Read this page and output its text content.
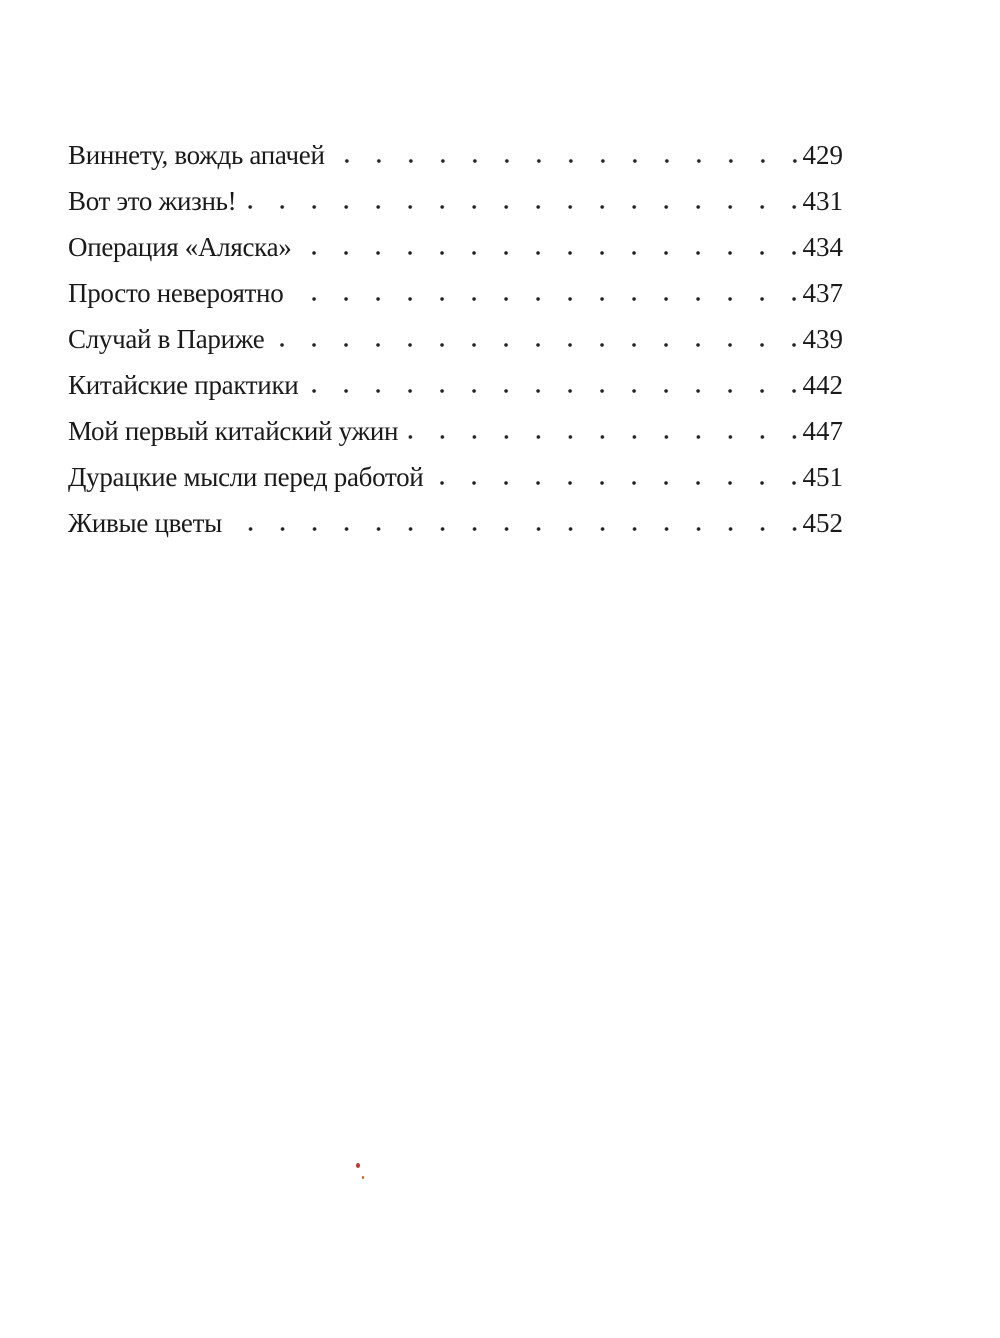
Виннету, вождь апачей	429
Вот это жизнь!	431
Операция «Аляска»	434
Просто невероятно	437
Случай в Париже	439
Китайские практики	442
Мой первый китайский ужин	447
Дурацкие мысли перед работой	451
Живые цветы	452
